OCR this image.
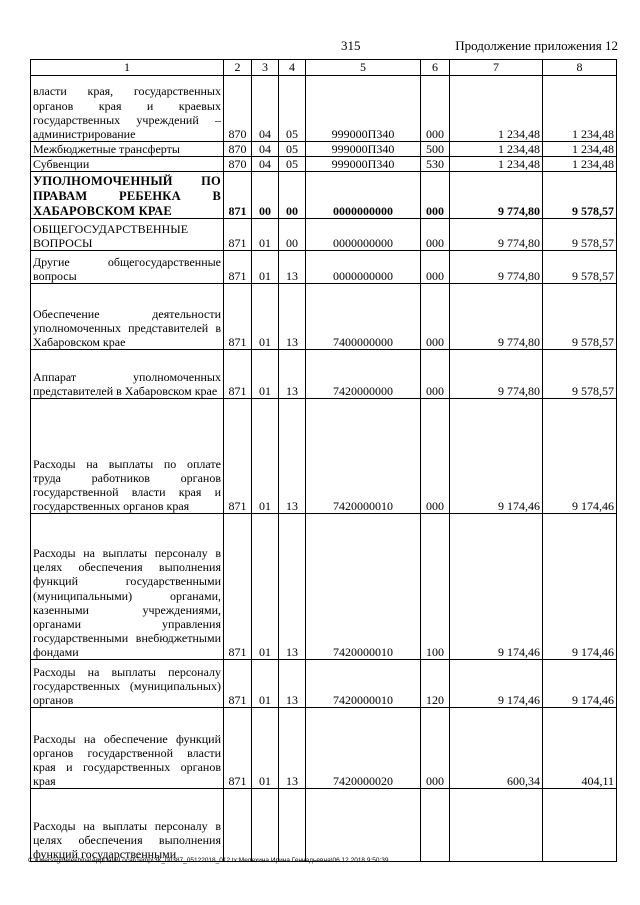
315	Продолжение приложения 12
1	2	3	4	5	6	7	8
власти края, государственных органов края и краевых государственных учреждений – администрирование	870	04	05	999000П340	000	1 234,48	1 234,48
Межбюджетные трансферты	870	04	05	999000П340	500	1 234,48	1 234,48
Субвенции	870	04	05	999000П340	530	1 234,48	1 234,48
УПОЛНОМОЧЕННЫЙ ПО ПРАВАМ РЕБЕНКА В ХАБАРОВСКОМ КРАЕ	871	00	00	0000000000	000	9 774,80	9 578,57
ОБЩЕГОСУДАРСТВЕННЫЕ ВОПРОСЫ	871	01	00	0000000000	000	9 774,80	9 578,57
Другие общегосударственные вопросы	871	01	13	0000000000	000	9 774,80	9 578,57
Обеспечение деятельности уполномоченных представителей в Хабаровском крае	871	01	13	7400000000	000	9 774,80	9 578,57
Аппарат уполномоченных представителей в Хабаровском крае	871	01	13	7420000000	000	9 774,80	9 578,57
Расходы на выплаты по оплате труда работников органов государственной власти края и государственных органов края	871	01	13	7420000010	000	9 174,46	9 174,46
Расходы на выплаты персоналу в целях обеспечения выполнения функций государственными (муниципальными) органами, казенными учреждениями, органами управления государственными внебюджетными фондами	871	01	13	7420000010	100	9 174,46	9 174,46
Расходы на выплаты персоналу государственных (муниципальных) органов	871	01	13	7420000010	120	9 174,46	9 174,46
Расходы на обеспечение функций органов государственной власти края и государственных органов края	871	01	13	7420000020	000	600,34	404,11
Расходы на выплаты персоналу в целях обеспечения выполнения функций государственными							
C:\Users\igmelekhina\AppData\Local\Temp\ЗК_00387_05122018_012.tx:Мелехина Ирина Геннадьевна\06.12.2018 9:50:39
